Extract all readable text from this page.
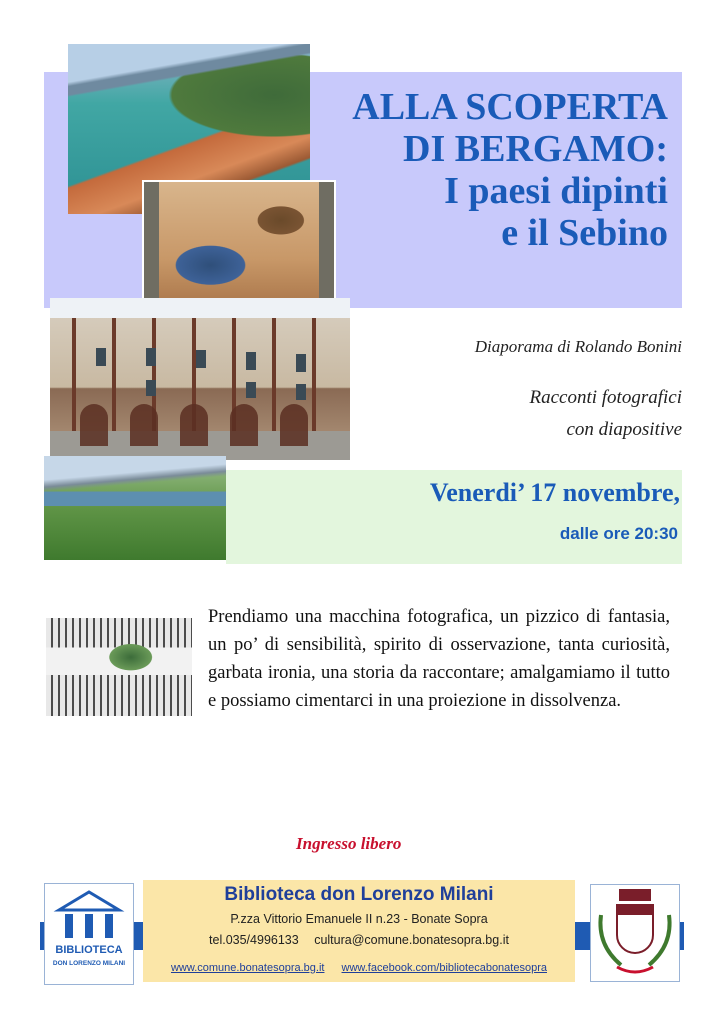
ALLA SCOPERTA
DI BERGAMO:
I paesi dipinti
e il Sebino
Diaporama di Rolando Bonini
Racconti fotografici
con diapositive
Venerdi’ 17 novembre,
dalle ore 20:30
Prendiamo una macchina fotografica, un pizzico di fantasia, un po’ di sensibilità, spirito di osservazione, tanta curiosità, garbata ironia, una storia da raccontare; amalgamiamo il tutto e possiamo cimentarci in una proiezione in dissolvenza.
Ingresso libero
BIBLIOTECA
DON LORENZO MILANI
Biblioteca don Lorenzo Milani
P.zza Vittorio Emanuele II n.23 - Bonate Sopra
tel.035/4996133 cultura@comune.bonatesopra.bg.it
www.comune.bonatesopra.bg.it www.facebook.com/bibliotecabonatesopra
